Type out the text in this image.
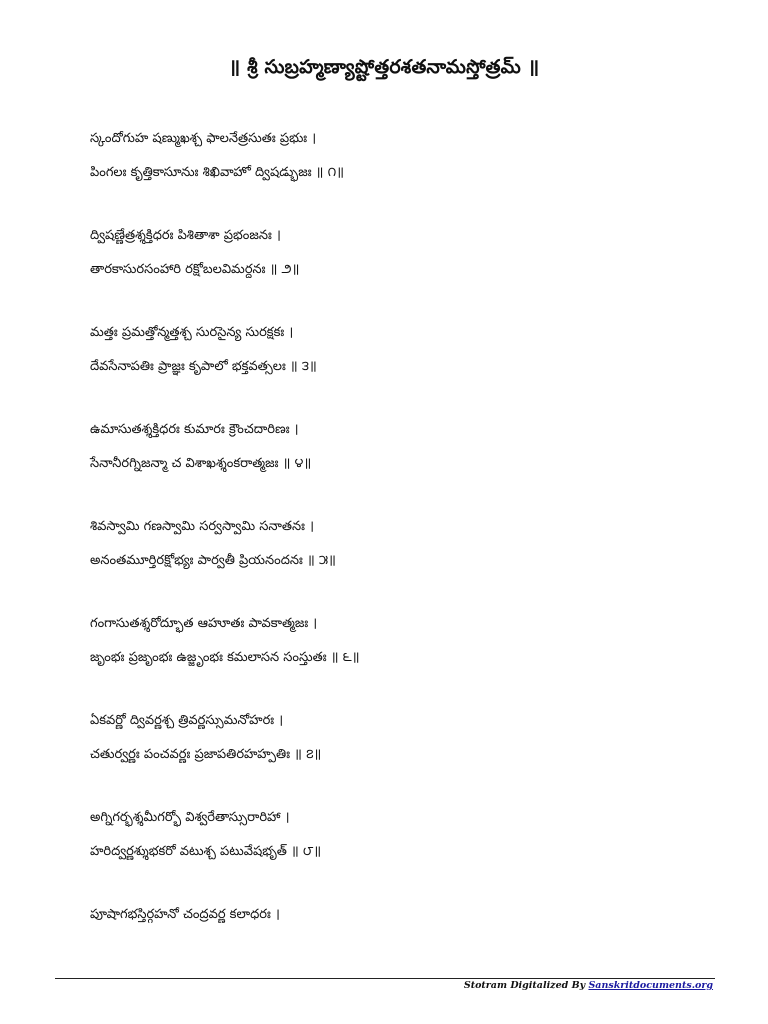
॥ శ్రీ సుబ్రహ్మణ్యాష్టోత్తరశతనామస్తోత్రమ్ ॥
స్కందోగుహ షణ్ముఖశ్చ ఫాలనేత్రసుతః ప్రభుః ।
పింగలః కృత్తికాసూనుః శిఖివాహో ద్విషడ్భుజః ॥ ౧॥
ద్విషణ్ణేత్రశ్శక్తిధరః పిశితాశా ప్రభంజనః ।
తారకాసురసంహారి రక్షోబలవిమర్దనః ॥ ౨॥
మత్తః ప్రమత్తోన్మత్తశ్చ సురసైన్య సురక్షకః ।
దేవసేనాపతిః ప్రాజ్ఞః కృపాలో భక్తవత్సలః ॥ ౩॥
ఉమాసుతశ్శక్తిధరః కుమారః క్రౌంచదారిణః ।
సేనానీరగ్నిజన్మా చ విశాఖశ్శంకరాత్మజః ॥ ౪॥
శివస్వామి గణస్వామి సర్వస్వామి సనాతనః ।
అనంతమూర్తిరక్షోభ్యః పార్వతీ ప్రియనందనః ॥ ౫॥
గంగాసుతశ్శరోద్భూత ఆహూతః పావకాత్మజః ।
జృంభః ప్రజృంభః ఉజ్జృంభః కమలాసన సంస్తుతః ॥ ౬॥
ఏకవర్ణో ద్వివర్ణశ్చ త్రివర్ణస్సుమనోహరః ।
చతుర్వర్ణః పంచవర్ణః ప్రజాపతిరహహ్పతిః ॥ ౭॥
అగ్నిగర్భశ్శమీగర్భో విశ్వరేతాస్సురారిహా ।
హరిద్వర్ణశ్శుభకరో వటుశ్చ పటువేషభృత్ ॥ ౮॥
పూషాగభస్తిర్గహనో చంద్రవర్ణ కలాధరః ।
Stotram Digitalized By Sanskritdocuments.org
